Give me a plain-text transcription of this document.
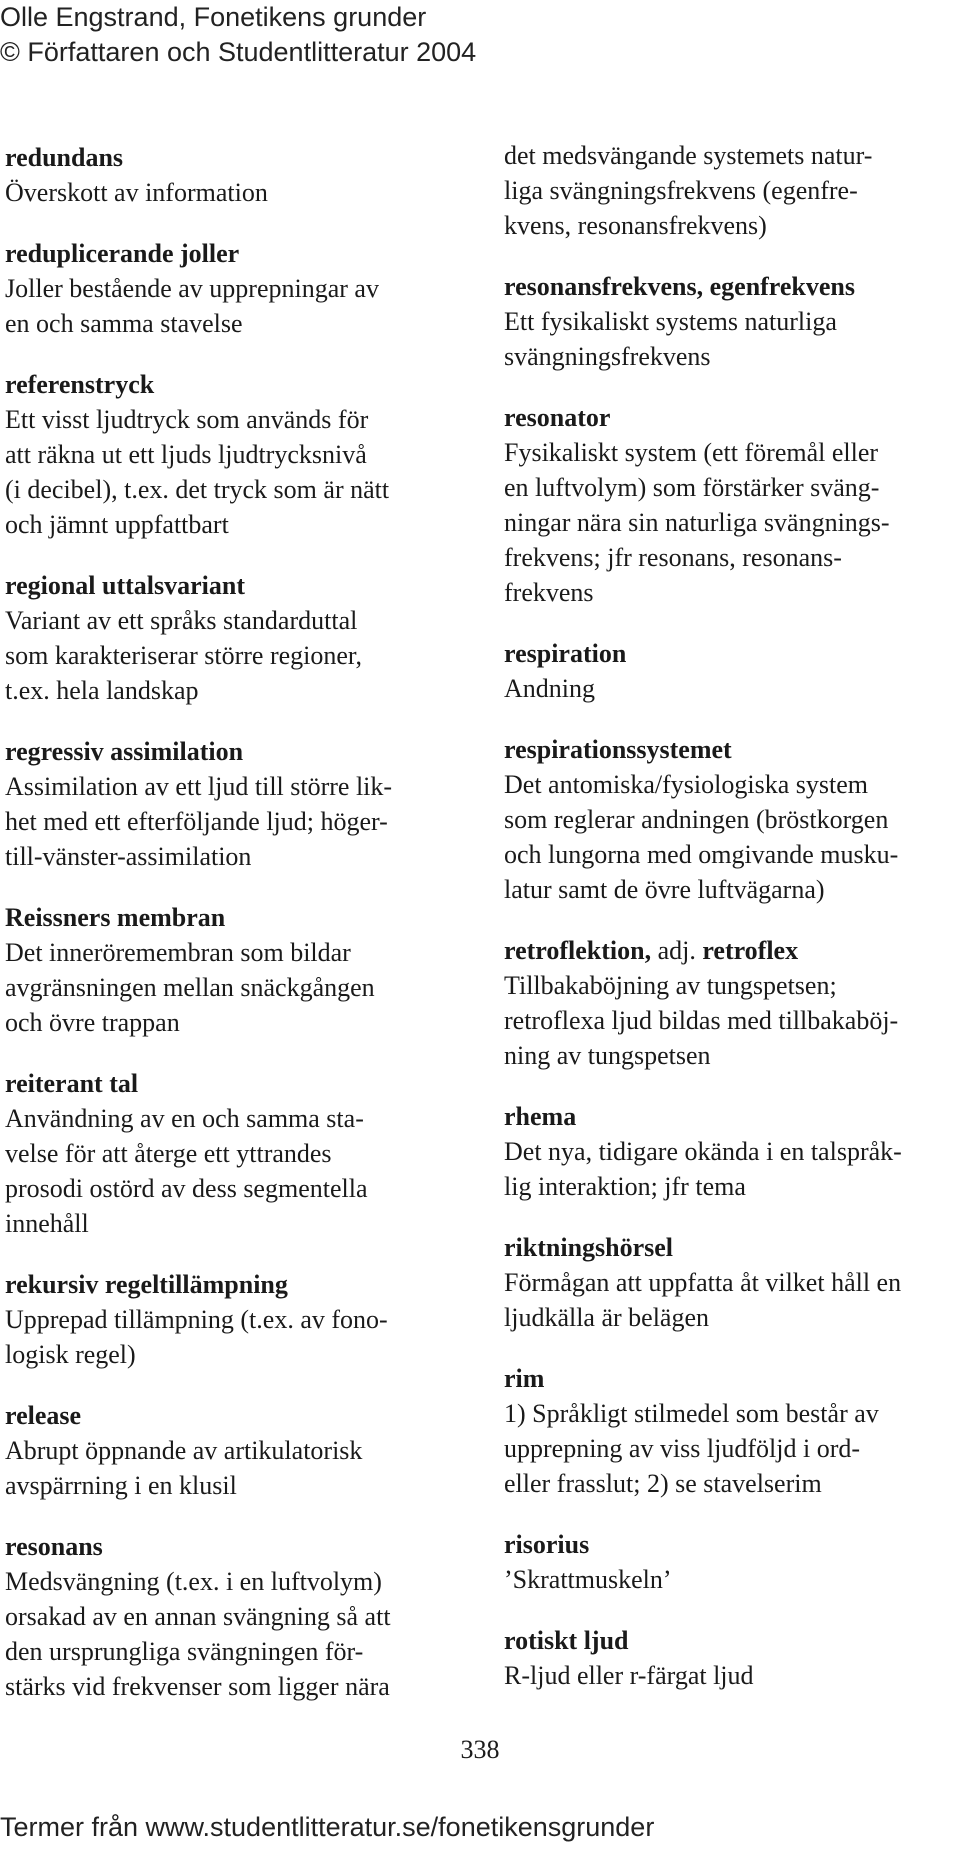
Olle Engstrand, Fonetikens grunder
© Författaren och Studentlitteratur 2004
redundans
Överskott av information
reduplicerande joller
Joller bestående av upprepningar av
en och samma stavelse
referenstryck
Ett visst ljudtryck som används för
att räkna ut ett ljuds ljudtrycksnivå
(i decibel), t.ex. det tryck som är nätt
och jämnt uppfattbart
regional uttalsvariant
Variant av ett språks standarduttal
som karakteriserar större regioner,
t.ex. hela landskap
regressiv assimilation
Assimilation av ett ljud till större lik-
het med ett efterföljande ljud; höger-
till-vänster-assimilation
Reissners membran
Det inneröremembran som bildar
avgränsningen mellan snäckgången
och övre trappan
reiterant tal
Användning av en och samma sta-
velse för att återge ett yttrandes
prosodi ostörd av dess segmentella
innehåll
rekursiv regeltillämpning
Upprepad tillämpning (t.ex. av fono-
logisk regel)
release
Abrupt öppnande av artikulatorisk
avspärrning i en klusil
resonans
Medsvängning (t.ex. i en luftvolym)
orsakad av en annan svängning så att
den ursprungliga svängningen för-
stärks vid frekvenser som ligger nära
det medsvängande systemets natur-
liga svängningsfrekvens (egenfre-
kvens, resonansfrekvens)
resonansfrekvens, egenfrekvens
Ett fysikaliskt systems naturliga
svängningsfrekvens
resonator
Fysikaliskt system (ett föremål eller
en luftvolym) som förstärker sväng-
ningar nära sin naturliga svängnings-
frekvens; jfr resonans, resonans-
frekvens
respiration
Andning
respirationssystemet
Det antomiska/fysiologiska system
som reglerar andningen (bröstkorgen
och lungorna med omgivande musku-
latur samt de övre luftvägarna)
retroflektion, adj. retroflex
Tillbakaböjning av tungspetsen;
retroflexa ljud bildas med tillbakaböj-
ning av tungspetsen
rhema
Det nya, tidigare okända i en talspråk-
lig interaktion; jfr tema
riktningshörsel
Förmågan att uppfatta åt vilket håll en
ljudkälla är belägen
rim
1) Språkligt stilmedel som består av
upprepning av viss ljudföljd i ord-
eller frasslut; 2) se stavelserim
risorius
’Skrattmuskeln’
rotiskt ljud
R-ljud eller r-färgat ljud
338
Termer från www.studentlitteratur.se/fonetikensgrunder
